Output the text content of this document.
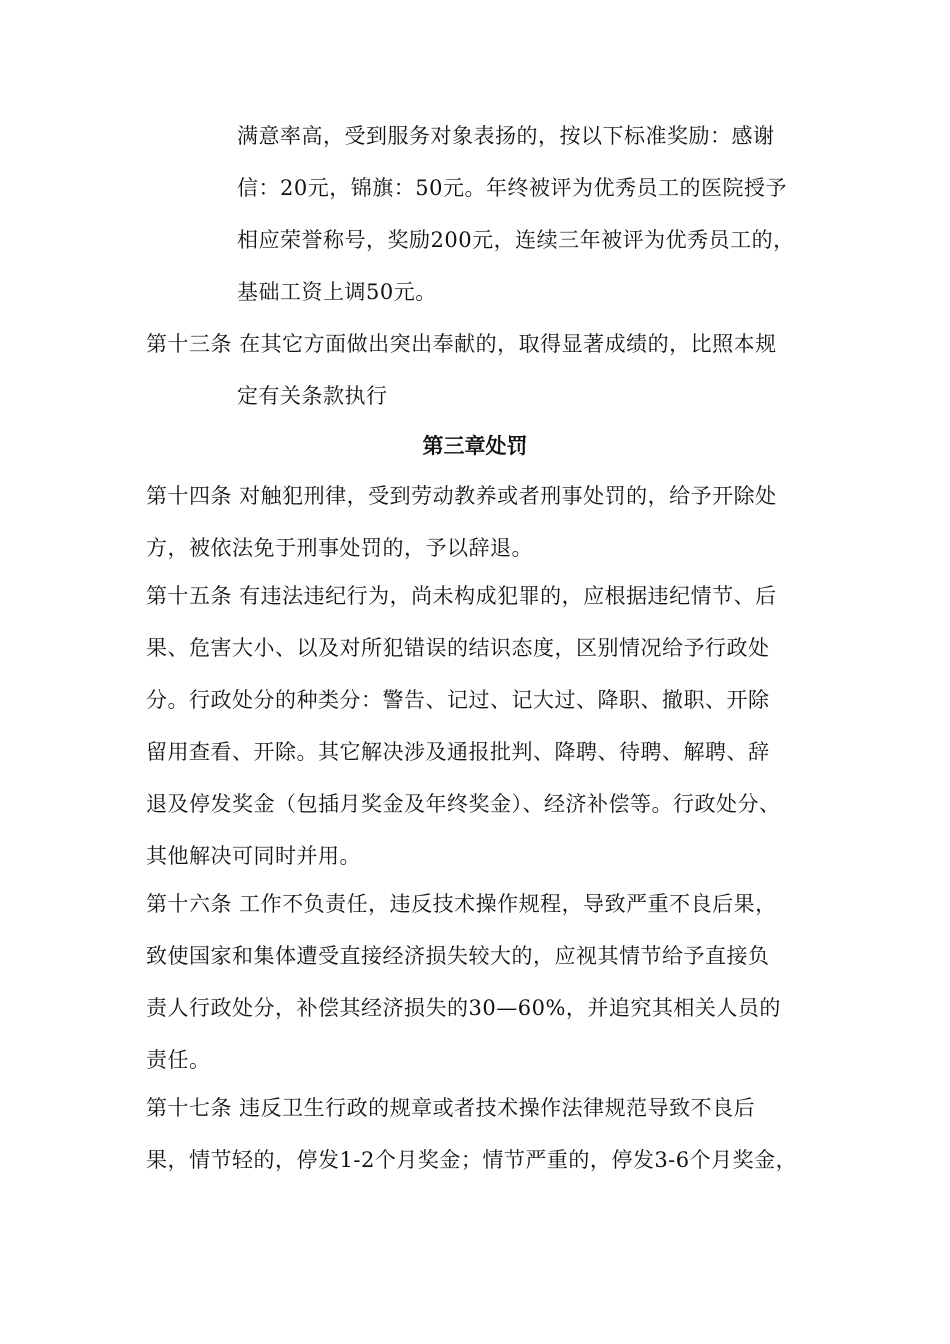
满意率高，受到服务对象表扬的，按以下标准奖励：感谢
信：20元，锦旗：50元。年终被评为优秀员工的医院授予
相应荣誉称号，奖励200元，连续三年被评为优秀员工的，
基础工资上调50元。
第十三条 在其它方面做出突出奉献的，取得显著成绩的，比照本规
定有关条款执行
第三章处罚
第十四条 对触犯刑律，受到劳动教养或者刑事处罚的，给予开除处
方，被依法免于刑事处罚的，予以辞退。
第十五条 有违法违纪行为，尚未构成犯罪的，应根据违纪情节、后
果、危害大小、以及对所犯错误的结识态度，区别情况给予行政处
分。行政处分的种类分：警告、记过、记大过、降职、撤职、开除
留用查看、开除。其它解决涉及通报批判、降聘、待聘、解聘、辞
退及停发奖金（包插月奖金及年终奖金）、经济补偿等。行政处分、
其他解决可同时并用。
第十六条 工作不负责任，违反技术操作规程，导致严重不良后果，
致使国家和集体遭受直接经济损失较大的，应视其情节给予直接负
责人行政处分，补偿其经济损失的30—60%，并追究其相关人员的
责任。
第十七条 违反卫生行政的规章或者技术操作法律规范导致不良后
果，情节轻的，停发1-2个月奖金；情节严重的，停发3-6个月奖金，
